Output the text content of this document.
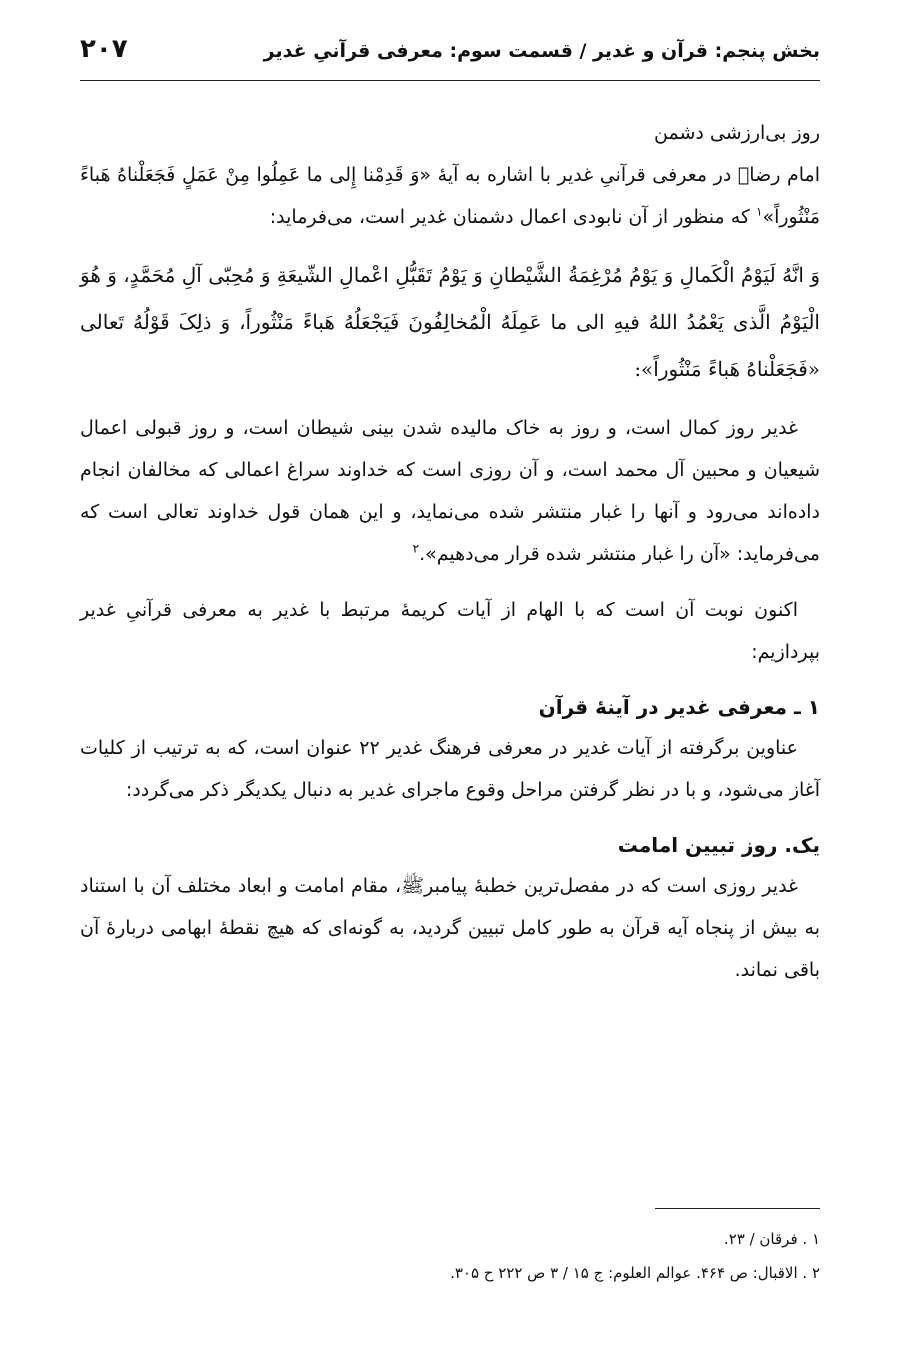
بخش پنجم: قرآن و غدیر / قسمت سوم: معرفی قرآنیِ غدیر
۲۰۷

روز بی‌ارزشی دشمن

امام رضاؑ در معرفی قرآنیِ غدیر با اشاره به آیهٔ «وَ قَدِمْنا إِلى ما عَمِلُوا مِنْ عَمَلٍ فَجَعَلْناهُ هَباءً مَنْثُوراً»$^۱$ که منظور از آن نابودی اعمال دشمنان غدیر است، می‌فرماید:

وَ انَّهُ لَیَوْمُ الْکَمالِ وَ یَوْمُ مُرْغِمَةُ الشَّیْطانِ وَ یَوْمُ تَقَبُّلِ اعْمالِ الشّیعَةِ وَ مُحِبّی آلِ مُحَمَّدٍ، وَ هُوَ الْیَوْمُ الَّذی یَعْمُدُ اللهُ فیهِ الی ما عَمِلَهُ الْمُخالِفُونَ فَیَجْعَلُهُ هَباءً مَنْثُوراً، وَ ذلِکَ قَوْلُهُ تَعالی «فَجَعَلْناهُ هَباءً مَنْثُوراً»:

غدیر روز کمال است، و روز به خاک مالیده شدن بینی شیطان است، و روز قبولی اعمال شیعیان و محبین آل محمد است، و آن روزی است که خداوند سراغ اعمالی که مخالفان انجام داده‌اند می‌رود و آنها را غبار منتشر شده می‌نماید، و این همان قول خداوند تعالی است که می‌فرماید: «آن را غبار منتشر شده قرار می‌دهیم».$^۲$

اکنون نوبت آن است که با الهام از آیات کریمهٔ مرتبط با غدیر به معرفی قرآنیِ غدیر بپردازیم:

۱ ـ معرفی غدیر در آینهٔ قرآن

عناوین برگرفته از آیات غدیر در معرفی فرهنگ غدیر ۲۲ عنوان است، که به ترتیب از کلیات آغاز می‌شود، و با در نظر گرفتن مراحل وقوع ماجرای غدیر به دنبال یکدیگر ذکر می‌گردد:

یک. روز تبیین امامت

غدیر روزی است که در مفصل‌ترین خطبهٔ پیامبرﷺ، مقام امامت و ابعاد مختلف آن با استناد به بیش از پنجاه آیه قرآن به طور کامل تبیین گردید، به گونه‌ای که هیچ نقطهٔ ابهامی دربارهٔ آن باقی نماند.

۱ . فرقان / ۲۳.

۲ . الاقبال: ص ۴۶۴. عوالم العلوم: ج ۱۵ / ۳ ص ۲۲۲ ح ۳۰۵.
